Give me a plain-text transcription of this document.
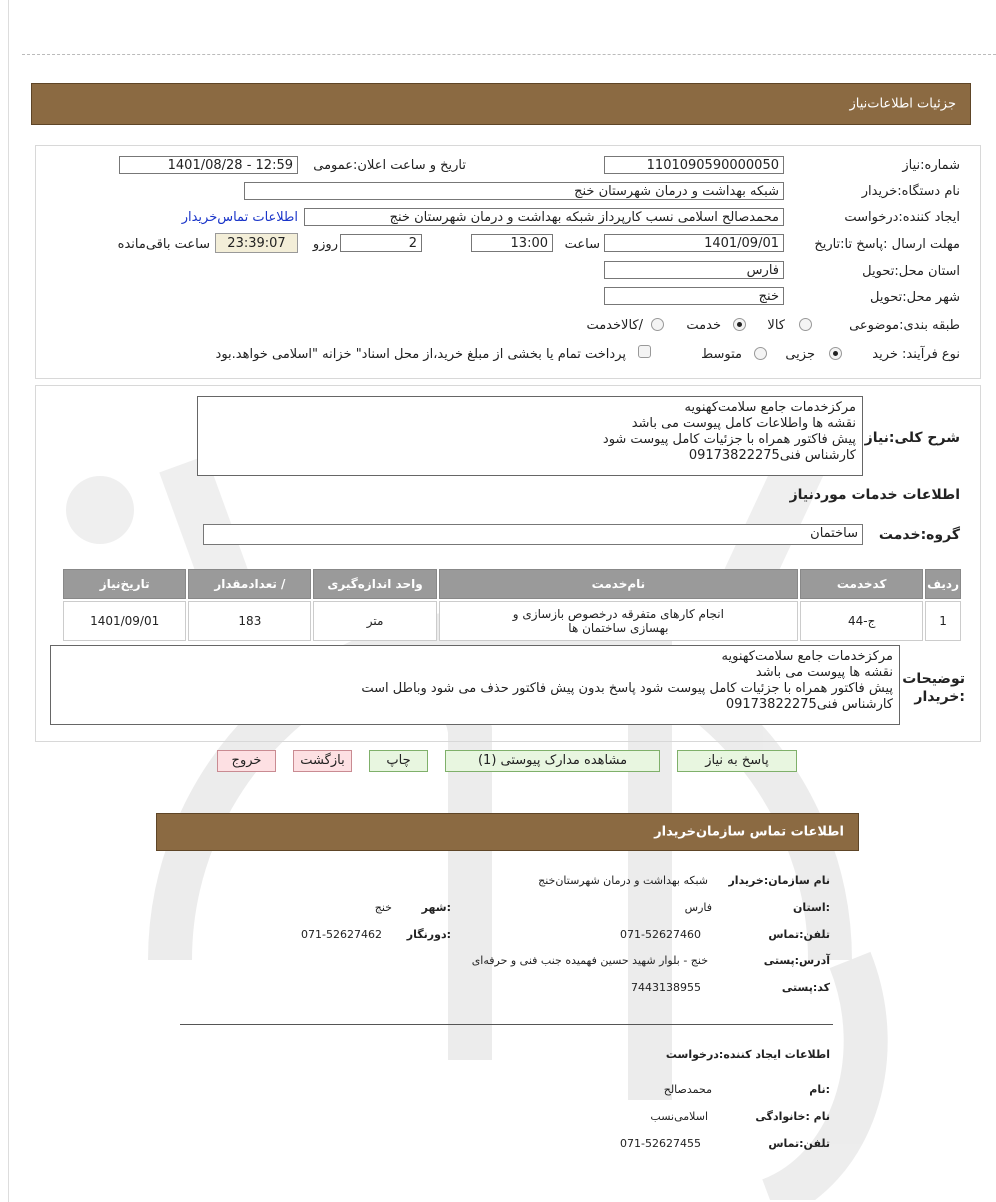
جزئیات اطلاعات‌نیاز
شماره:نیاز
1101090590000050
تاریخ و ساعت اعلان:عمومی
1401/08/28 - 12:59
نام دستگاه:خریدار
شبکه بهداشت و درمان شهرستان خنج
ایجاد کننده:درخواست
محمدصالح اسلامی نسب کارپرداز شبکه بهداشت و درمان شهرستان خنج
اطلاعات تماس‌خریدار
مهلت ارسال :پاسخ تا:تاریخ
1401/09/01
ساعت
13:00
روزو	2
23:39:07
ساعت باقی‌مانده
استان محل:تحویل
فارس
شهر محل:تحویل
خنج
طبقه بندی:موضوعی
کالا
خدمت
/کالاخدمت
نوع فرآیند: خرید
جزیی
متوسط
پرداخت تمام یا بخشی از مبلغ خرید،از محل اسناد" خزانه "اسلامی خواهد.بود
شرح کلی:نیاز
مرکزخدمات جامع سلامت‌کهنویه
نقشه ها واطلاعات کامل پیوست می باشد
پیش فاکتور همراه با جزئیات کامل پیوست شود
کارشناس فنی09173822275
اطلاعات خدمات موردنیاز
گروه:خدمت
ساختمان
ردیف	کدخدمت	نام‌خدمت	واحد اندازه‌گیری	/ تعدادمقدار	تاریخ‌نیاز
1	ج-44	انجام کارهای متفرقه درخصوص بازسازی و
بهسازی ساختمان ها	متر	183	1401/09/01
توضیحات
:خریدار
مرکزخدمات جامع سلامت‌کهنویه
نقشه ها پیوست می باشد
پیش فاکتور همراه با جزئیات کامل پیوست شود پاسخ بدون پیش فاکتور حذف می شود وباطل است
کارشناس فنی09173822275
پاسخ به نیاز
مشاهده مدارک پیوستی (1)
چاپ
بازگشت
خروج
اطلاعات تماس سازمان‌خریدار
نام سازمان:خریدار
شبکه بهداشت و درمان شهرستان‌خنج
:استان
فارس
:شهر
خنج
تلفن:تماس
071-52627460
:دورنگار
071-52627462
آدرس:پستی
خنج - بلوار شهید حسین فهمیده جنب فنی و حرفه‌ای
کد:پستی
7443138955
اطلاعات ایجاد کننده:درخواست
:نام
محمدصالح
نام :خانوادگی
اسلامی‌نسب
تلفن:تماس
071-52627455
